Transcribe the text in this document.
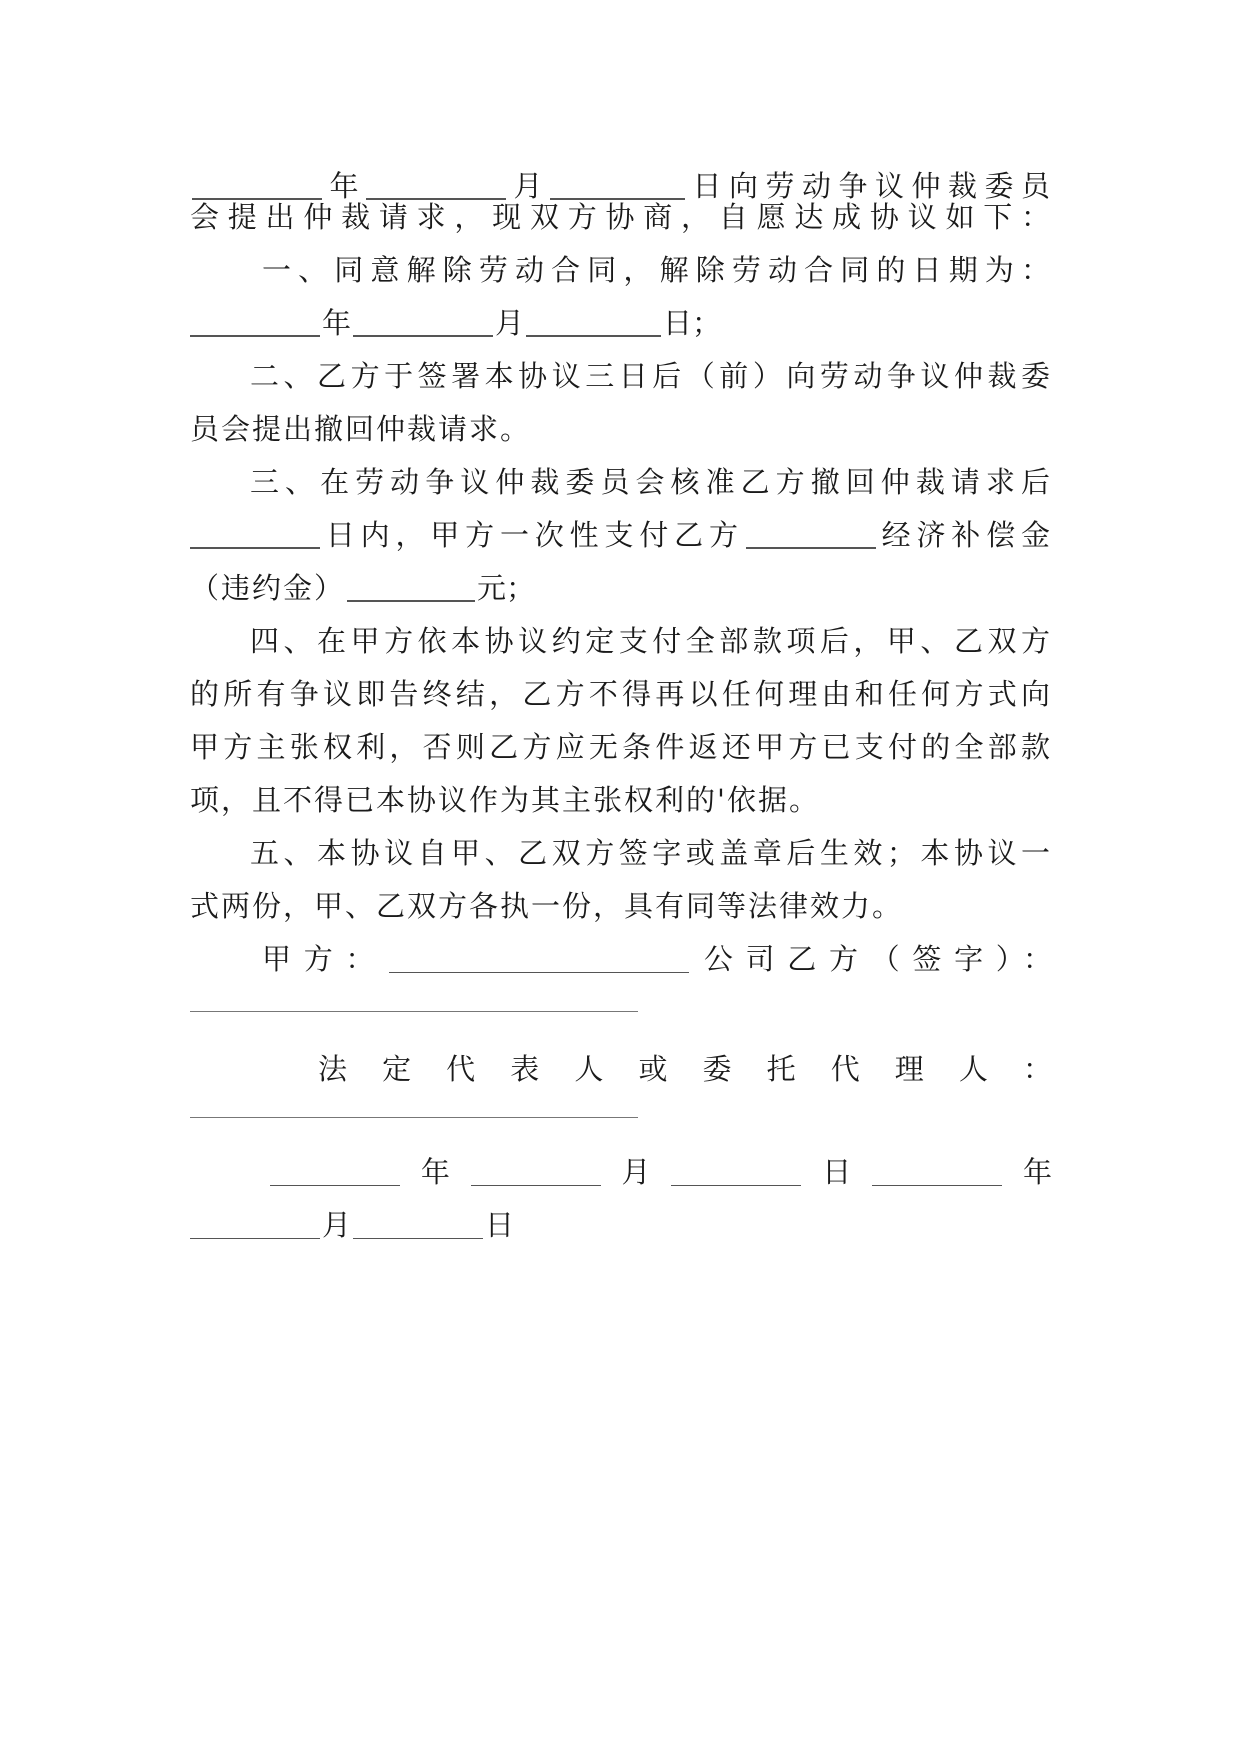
年	月	日向劳动争议仲裁委员
会提出仲裁请求，现双方协商，自愿达成协议如下：
一、同意解除劳动合同，解除劳动合同的日期为：
年	月	日；
二、乙方于签署本协议三日后（前）向劳动争议仲裁委
员会提出撤回仲裁请求。
三、在劳动争议仲裁委员会核准乙方撤回仲裁请求后
日内，甲方一次性支付乙方	经济补偿金
（违约金）	元；
四、在甲方依本协议约定支付全部款项后，甲、乙双方
的所有争议即告终结，乙方不得再以任何理由和任何方式向
甲方主张权利，否则乙方应无条件返还甲方已支付的全部款
项，且不得已本协议作为其主张权利的'依据。
五、本协议自甲、乙双方签字或盖章后生效；本协议一
式两份，甲、乙双方各执一份，具有同等法律效力。
甲方：	公司乙方（签字）：
法定代表人或委托代理人：
年	月	日	年
月	日
